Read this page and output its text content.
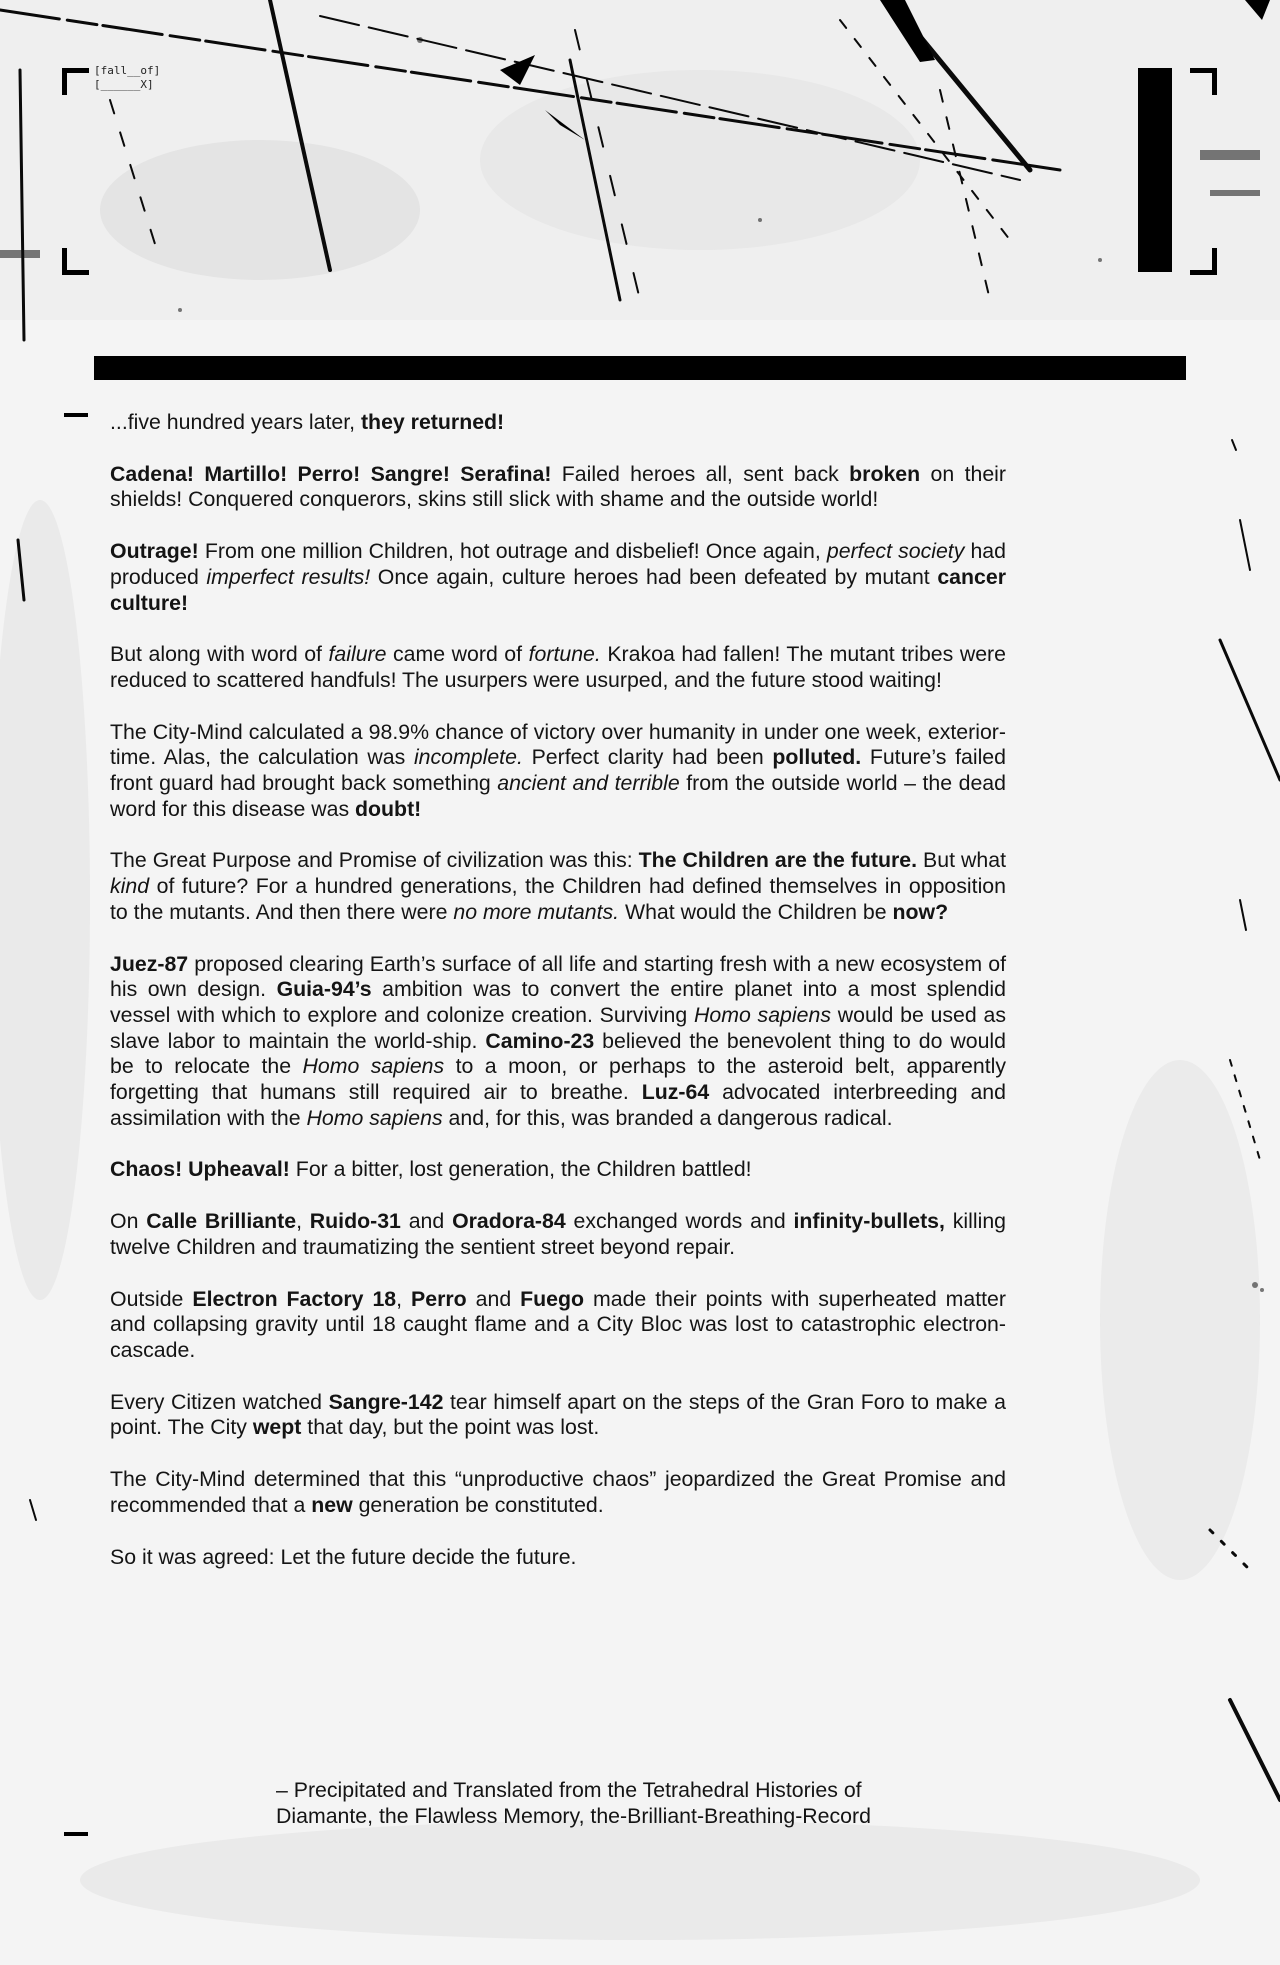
[fall__of]
[______X]

...five hundred years later, they returned!

Cadena! Martillo! Perro! Sangre! Serafina! Failed heroes all, sent back broken on their shields! Conquered conquerors, skins still slick with shame and the outside world!

Outrage! From one million Children, hot outrage and disbelief! Once again, perfect society had produced imperfect results! Once again, culture heroes had been defeated by mutant cancer culture!

But along with word of failure came word of fortune. Krakoa had fallen! The mutant tribes were reduced to scattered handfuls! The usurpers were usurped, and the future stood waiting!

The City-Mind calculated a 98.9% chance of victory over humanity in under one week, exterior-time. Alas, the calculation was incomplete. Perfect clarity had been polluted. Future’s failed front guard had brought back something ancient and terrible from the outside world – the dead word for this disease was doubt!

The Great Purpose and Promise of civilization was this: The Children are the future. But what kind of future? For a hundred generations, the Children had defined themselves in opposition to the mutants. And then there were no more mutants. What would the Children be now?

Juez-87 proposed clearing Earth’s surface of all life and starting fresh with a new ecosystem of his own design. Guia-94’s ambition was to convert the entire planet into a most splendid vessel with which to explore and colonize creation. Surviving Homo sapiens would be used as slave labor to maintain the world-ship. Camino-23 believed the benevolent thing to do would be to relocate the Homo sapiens to a moon, or perhaps to the asteroid belt, apparently forgetting that humans still required air to breathe. Luz-64 advocated interbreeding and assimilation with the Homo sapiens and, for this, was branded a dangerous radical.

Chaos! Upheaval! For a bitter, lost generation, the Children battled!

On Calle Brilliante, Ruido-31 and Oradora-84 exchanged words and infinity-bullets, killing twelve Children and traumatizing the sentient street beyond repair.

Outside Electron Factory 18, Perro and Fuego made their points with superheated matter and collapsing gravity until 18 caught flame and a City Bloc was lost to catastrophic electron-cascade.

Every Citizen watched Sangre-142 tear himself apart on the steps of the Gran Foro to make a point. The City wept that day, but the point was lost.

The City-Mind determined that this “unproductive chaos” jeopardized the Great Promise and recommended that a new generation be constituted.

So it was agreed: Let the future decide the future.

– Precipitated and Translated from the Tetrahedral Histories of
Diamante, the Flawless Memory, the-Brilliant-Breathing-Record
